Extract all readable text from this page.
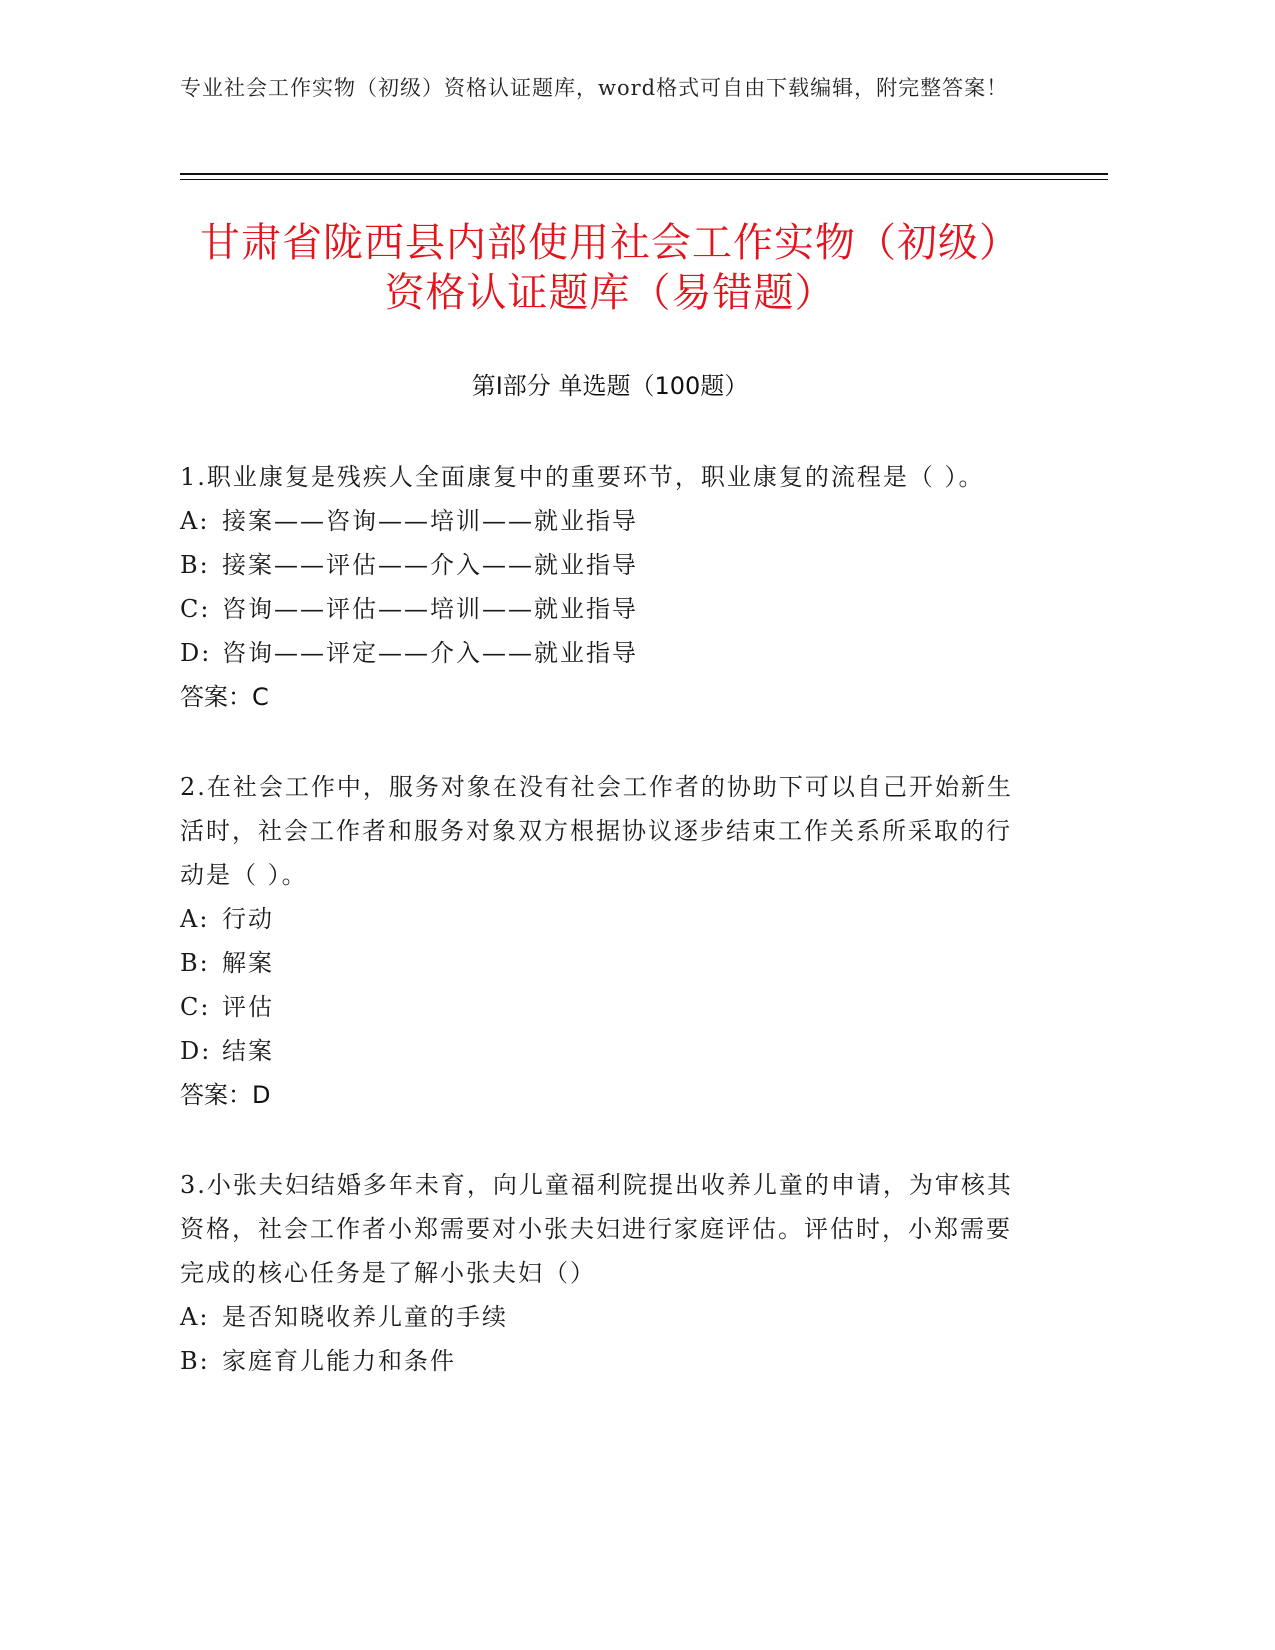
专业社会工作实物（初级）资格认证题库，word格式可自由下载编辑，附完整答案！
甘肃省陇西县内部使用社会工作实物（初级）资格认证题库（易错题）
第Ⅰ部分 单选题（100题）
1.职业康复是残疾人全面康复中的重要环节，职业康复的流程是（ ）。
A: 接案——咨询——培训——就业指导
B: 接案——评估——介入——就业指导
C: 咨询——评估——培训——就业指导
D: 咨询——评定——介入——就业指导
答案：C
2.在社会工作中，服务对象在没有社会工作者的协助下可以自己开始新生活时，社会工作者和服务对象双方根据协议逐步结束工作关系所采取的行动是（ ）。
A: 行动
B: 解案
C: 评估
D: 结案
答案：D
3.小张夫妇结婚多年未育，向儿童福利院提出收养儿童的申请，为审核其资格，社会工作者小郑需要对小张夫妇进行家庭评估。评估时，小郑需要完成的核心任务是了解小张夫妇（）
A: 是否知晓收养儿童的手续
B: 家庭育儿能力和条件
